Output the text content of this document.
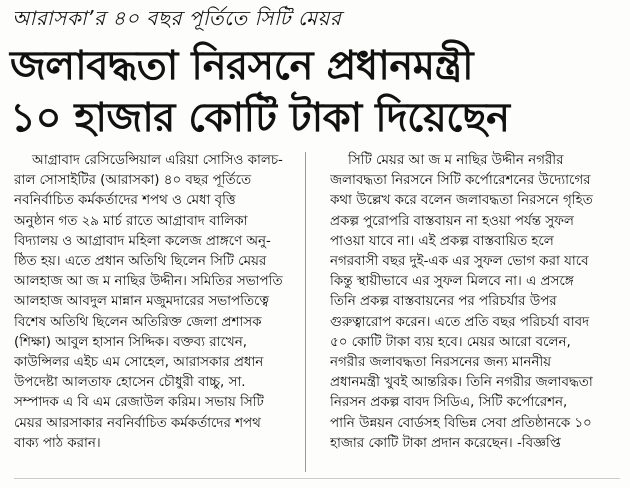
আরাসকা’র ৪০ বছর পূর্তিতে সিটি মেয়র
জলাবদ্ধতা নিরসনে প্রধানমন্ত্রী
১০ হাজার কোটি টাকা দিয়েছেন
আগ্রাবাদ রেসিডেন্সিয়াল এরিয়া সোসিও কালচ-
রাল সোসাইটির (আরাসকা) ৪০ বছর পূর্তিতে
নবনির্বাচিত কর্মকর্তাদের শপথ ও মেধা বৃত্তি
অনুষ্ঠান গত ২৯ মার্চ রাতে আগ্রাবাদ বালিকা
বিদ্যালয় ও আগ্রাবাদ মহিলা কলেজ প্রাঙ্গণে অনু-
ষ্ঠিত হয়। এতে প্রধান অতিথি ছিলেন সিটি মেয়র
আলহাজ আ জ ম নাছির উদ্দীন। সমিতির সভাপতি
আলহাজ আবদুল মান্নান মজুমদারের সভাপতিত্বে
বিশেষ অতিথি ছিলেন অতিরিক্ত জেলা প্রশাসক
(শিক্ষা) আবুল হাসান সিদ্দিক। বক্তব্য রাখেন,
কাউন্সিলর এইচ এম সোহেল, আরাসকার প্রধান
উপদেষ্টা আলতাফ হোসেন চৌধুরী বাচ্চু, সা.
সম্পাদক এ বি এম রেজাউল করিম। সভায় সিটি
মেয়র আরসাকার নবনির্বাচিত কর্মকর্তাদের শপথ
বাক্য পাঠ করান।
সিটি মেয়র আ জ ম নাছির উদ্দীন নগরীর
জলাবদ্ধতা নিরসনে সিটি কর্পোরেশনের উদ্যোগের
কথা উল্লেখ করে বলেন জলাবদ্ধতা নিরসনে গৃহিত
প্রকল্প পুরোপরি বাস্তবায়ন না হওয়া পর্যন্ত সুফল
পাওয়া যাবে না। এই প্রকল্প বাস্তবায়িত হলে
নগরবাসী বছর দুই-এক এর সুফল ভোগ করা যাবে
কিন্তু স্থায়ীভাবে এর সুফল মিলবে না। এ প্রসঙ্গে
তিনি প্রকল্প বাস্তবায়নের পর পরিচর্যার উপর
গুরুত্বারোপ করেন। এতে প্রতি বছর পরিচর্যা বাবদ
৫০ কোটি টাকা ব্যয় হবে। মেয়র আরো বলেন,
নগরীর জলাবদ্ধতা নিরসনের জন্য মাননীয়
প্রধানমন্ত্রী খুবই আন্তরিক। তিনি নগরীর জলাবদ্ধতা
নিরসন প্রকল্প বাবদ সিডিএ, সিটি কর্পোরেশন,
পানি উন্নয়ন বোর্ডসহ বিভিন্ন সেবা প্রতিষ্ঠানকে ১০
হাজার কোটি টাকা প্রদান করেছেন। -বিজ্ঞপ্তি
